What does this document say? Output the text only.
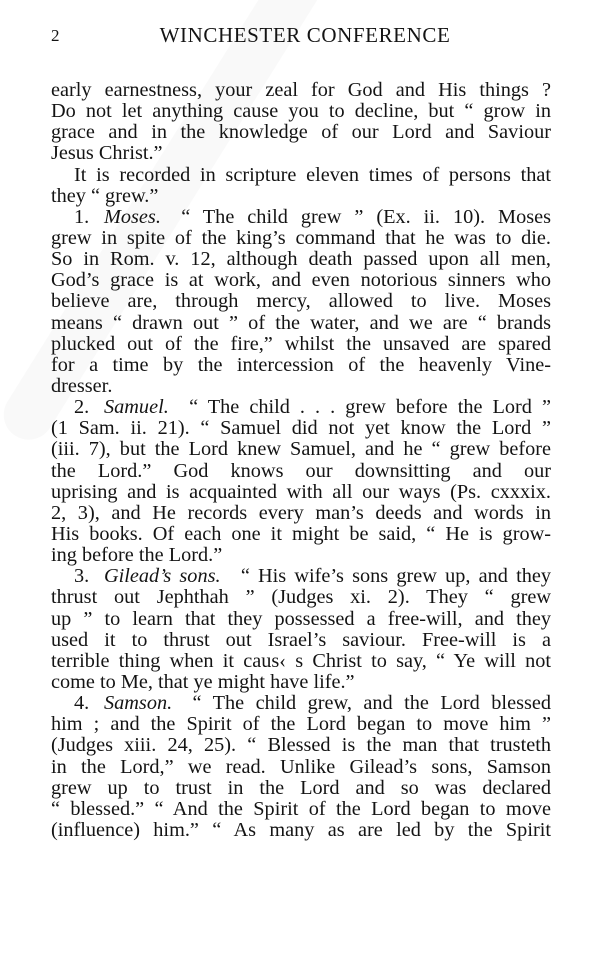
2	WINCHESTER CONFERENCE
early earnestness, your zeal for God and His things ?
Do not let anything cause you to decline, but “ grow in
grace and in the knowledge of our Lord and Saviour
Jesus Christ.”
It is recorded in scripture eleven times of persons that
they “ grew.”
1. Moses.  “ The child grew ” (Ex. ii. 10). Moses
grew in spite of the king’s command that he was to die.
So in Rom. v. 12, although death passed upon all men,
God’s grace is at work, and even notorious sinners who
believe are, through mercy, allowed to live. Moses
means “ drawn out ” of the water, and we are “ brands
plucked out of the fire,” whilst the unsaved are spared
for a time by the intercession of the heavenly Vine-
dresser.
2. Samuel.  “ The child . . . grew before the Lord ”
(1 Sam. ii. 21). “ Samuel did not yet know the Lord ”
(iii. 7), but the Lord knew Samuel, and he “ grew before
the Lord.” God knows our downsitting and our
uprising and is acquainted with all our ways (Ps. cxxxix.
2, 3), and He records every man’s deeds and words in
His books. Of each one it might be said, “ He is grow-
ing before the Lord.”
3. Gilead’s sons.  “ His wife’s sons grew up, and they
thrust out Jephthah ” (Judges xi. 2). They “ grew
up ” to learn that they possessed a free-will, and they
used it to thrust out Israel’s saviour. Free-will is a
terrible thing when it caus‹ s Christ to say, “ Ye will not
come to Me, that ye might have life.”
4. Samson.  “ The child grew, and the Lord blessed
him ; and the Spirit of the Lord began to move him ”
(Judges xiii. 24, 25). “ Blessed is the man that trusteth
in the Lord,” we read. Unlike Gilead’s sons, Samson
grew up to trust in the Lord and so was declared
“ blessed.” “ And the Spirit of the Lord began to move
(influence) him.” “ As many as are led by the Spirit
